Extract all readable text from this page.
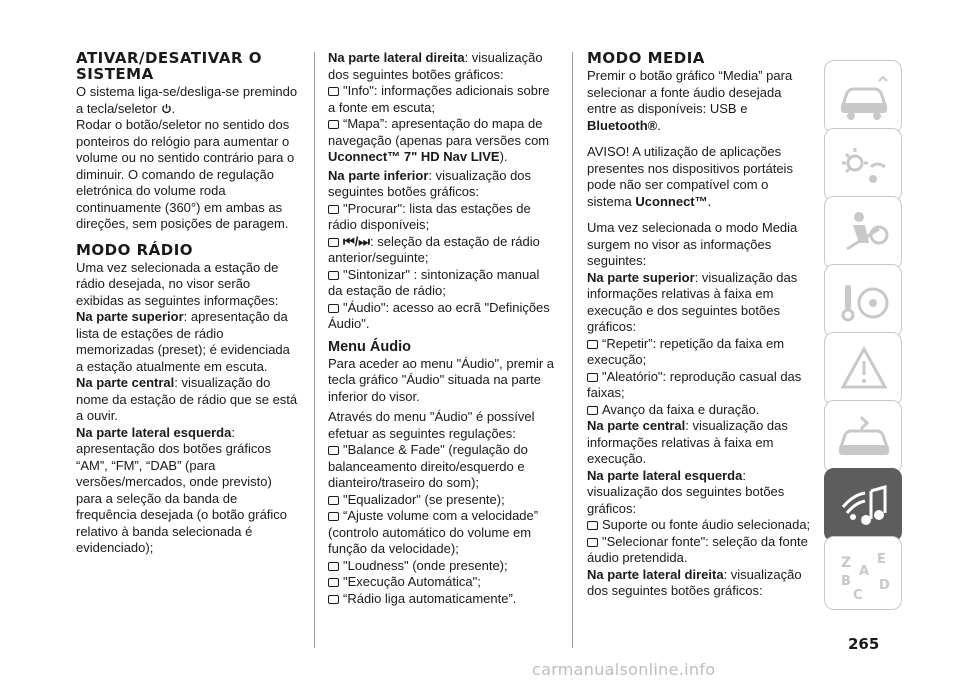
ATIVAR/DESATIVAR O SISTEMA

O sistema liga-se/desliga-se premindo a tecla/seletor .

Rodar o botão/seletor no sentido dos ponteiros do relógio para aumentar o volume ou no sentido contrário para o diminuir. O comando de regulação eletrónica do volume roda continuamente (360°) em ambas as direções, sem posições de paragem.

MODO RÁDIO

Uma vez selecionada a estação de rádio desejada, no visor serão exibidas as seguintes informações:

Na parte superior: apresentação da lista de estações de rádio memorizadas (preset); é evidenciada a estação atualmente em escuta.

Na parte central: visualização do nome da estação de rádio que se está a ouvir.

Na parte lateral esquerda: apresentação dos botões gráficos “AM”, “FM”, “DAB” (para versões/mercados, onde previsto) para a seleção da banda de frequência desejada (o botão gráfico relativo à banda selecionada é evidenciado);

Na parte lateral direita: visualização dos seguintes botões gráficos:

"Info": informações adicionais sobre a fonte em escuta;

“Mapa”: apresentação do mapa de navegação (apenas para versões com Uconnect™ 7" HD Nav LIVE).

Na parte inferior: visualização dos seguintes botões gráficos:

"Procurar": lista das estações de rádio disponíveis;

⏮/⏭: seleção da estação de rádio anterior/seguinte;

"Sintonizar" : sintonização manual da estação de rádio;

"Áudio": acesso ao ecrã "Definições Áudio".

Menu Áudio

Para aceder ao menu "Áudio", premir a tecla gráfico "Áudio" situada na parte inferior do visor.

Através do menu "Áudio" é possível efetuar as seguintes regulações:

"Balance & Fade" (regulação do balanceamento direito/esquerdo e dianteiro/traseiro do som);

"Equalizador" (se presente);

“Ajuste volume com a velocidade” (controlo automático do volume em função da velocidade);

"Loudness" (onde presente);

"Execução Automática";

“Rádio liga automaticamente”.

MODO MEDIA

Premir o botão gráfico “Media” para selecionar a fonte áudio desejada entre as disponíveis: USB e Bluetooth®.

AVISO! A utilização de aplicações presentes nos dispositivos portáteis pode não ser compatível com o sistema Uconnect™.

Uma vez selecionada o modo Media surgem no visor as informações seguintes:

Na parte superior: visualização das informações relativas à faixa em execução e dos seguintes botões gráficos:

“Repetir”: repetição da faixa em execução;

"Aleatório": reprodução casual das faixas;

Avanço da faixa e duração.

Na parte central: visualização das informações relativas à faixa em execução.

Na parte lateral esquerda: visualização dos seguintes botões gráficos:

Suporte ou fonte áudio selecionada;

"Selecionar fonte": seleção da fonte áudio pretendida.

Na parte lateral direita: visualização dos seguintes botões gráficos:

Z E
A
B
C
D
265
carmanualsonline.info
